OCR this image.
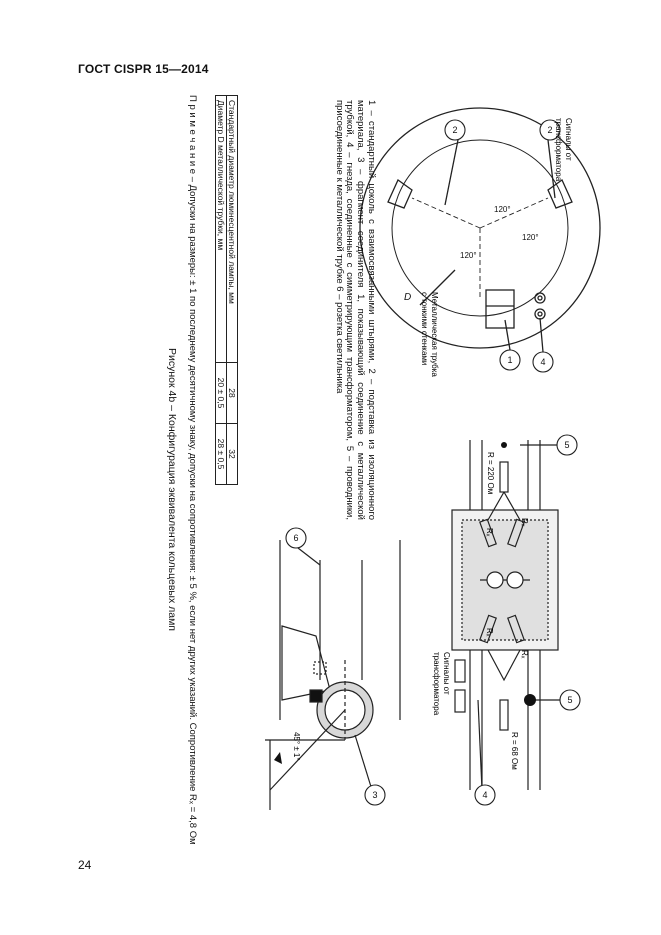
ГОСТ CISPR 15—2014
2	2
1	4
120°
120°
120°
D
Сигналы от
трансформатора
Металлическая трубка
с тонкими стенками
5
5
4
R = 220 Ом
R = 68 Ом
Rₓ
Rₓ
Rₓ
Rₓ
Сигналы от
трансформатора
6
3
45° ± 1°
1 – стандартный цоколь с взаимосвязанными штырями, 2 – подставка из изоляционного материала, 3 – фрагмент соединителя 1, показывающий соединение с металлической трубкой, 4 – гнезда, соединенные с симметрирующим трансформатором, 5 – проводники, присоединенные к металлической трубке 6 – розетка светильника
Стандартный диаметр люминесцентной лампы, мм	28	32
Диаметр D металлической трубки, мм	20 ± 0,5	28 ± 0,5
П р и м е ч а н и е – Допуски на размеры: ± 1 по последнему десятичному знаку, допуски на сопротивления: ± 5 %, если нет других указаний. Сопротивление Rₓ = 4,8 Ом
Рисунок 4b – Конфигурация эквивалента кольцевых ламп
24
